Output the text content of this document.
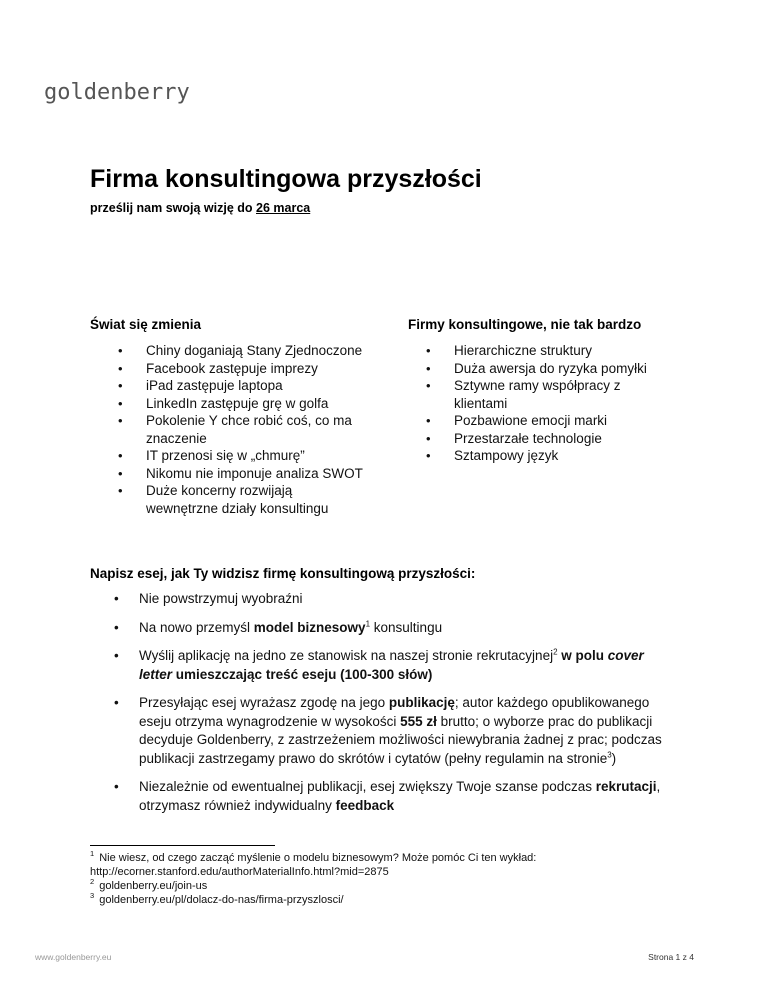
goldenberry
Firma konsultingowa przyszłości
prześlij nam swoją wizję do 26 marca
Świat się zmienia
• Chiny doganiają Stany Zjednoczone
• Facebook zastępuje imprezy
• iPad zastępuje laptopa
• LinkedIn zastępuje grę w golfa
• Pokolenie Y chce robić coś, co ma znaczenie
• IT przenosi się w „chmurę”
• Nikomu nie imponuje analiza SWOT
• Duże koncerny rozwijają wewnętrzne działy konsultingu
Firmy konsultingowe, nie tak bardzo
• Hierarchiczne struktury
• Duża awersja do ryzyka pomyłki
• Sztywne ramy współpracy z klientami
• Pozbawione emocji marki
• Przestarzałe technologie
• Sztampowy język
Napisz esej, jak Ty widzisz firmę konsultingową przyszłości:
• Nie powstrzymuj wyobraźni
• Na nowo przemyśl model biznesowy$^1$ konsultingu
• Wyślij aplikację na jedno ze stanowisk na naszej stronie rekrutacyjnej$^2$ w polu cover letter umieszczając treść eseju (100-300 słów)
• Przesyłając esej wyrażasz zgodę na jego publikację; autor każdego opublikowanego eseju otrzyma wynagrodzenie w wysokości 555 zł brutto; o wyborze prac do publikacji decyduje Goldenberry, z zastrzeżeniem możliwości niewybrania żadnej z prac; podczas publikacji zastrzegamy prawo do skrótów i cytatów (pełny regulamin na stronie$^3$)
• Niezależnie od ewentualnej publikacji, esej zwiększy Twoje szanse podczas rekrutacji, otrzymasz również indywidualny feedback
$^1$ Nie wiesz, od czego zacząć myślenie o modelu biznesowym? Może pomóc Ci ten wykład:
http://ecorner.stanford.edu/authorMaterialInfo.html?mid=2875
$^2$ goldenberry.eu/join-us
$^3$ goldenberry.eu/pl/dolacz-do-nas/firma-przyszlosci/
www.goldenberry.eu	Strona 1 z 4
